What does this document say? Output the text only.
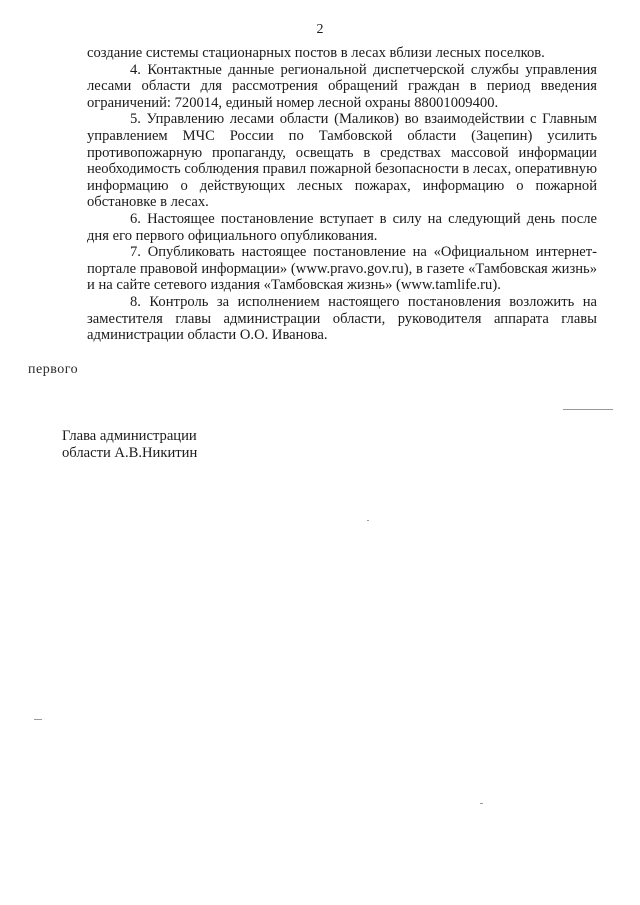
2

создание системы стационарных постов в лесах вблизи лесных поселков.

4. Контактные данные региональной диспетчерской службы управления лесами области для рассмотрения обращений граждан в период введения ограничений: 720014, единый номер лесной охраны 88001009400.

5. Управлению лесами области (Маликов) во взаимодействии с Главным управлением МЧС России по Тамбовской области (Зацепин) усилить противопожарную пропаганду, освещать в средствах массовой информации необходимость соблюдения правил пожарной безопасности в лесах, оперативную информацию о действующих лесных пожарах, информацию о пожарной обстановке в лесах.

6. Настоящее постановление вступает в силу на следующий день после дня его первого официального опубликования.

7. Опубликовать настоящее постановление на «Официальном интернет-портале правовой информации» (www.pravo.gov.ru), в газете «Тамбовская жизнь» и на сайте сетевого издания «Тамбовская жизнь» (www.tamlife.ru).

8. Контроль за исполнением настоящего постановления возложить на заместителя главы администрации области, руководителя аппарата главы администрации области О.О. Иванова.

первого
Глава администрации
области А.В.Никитин
